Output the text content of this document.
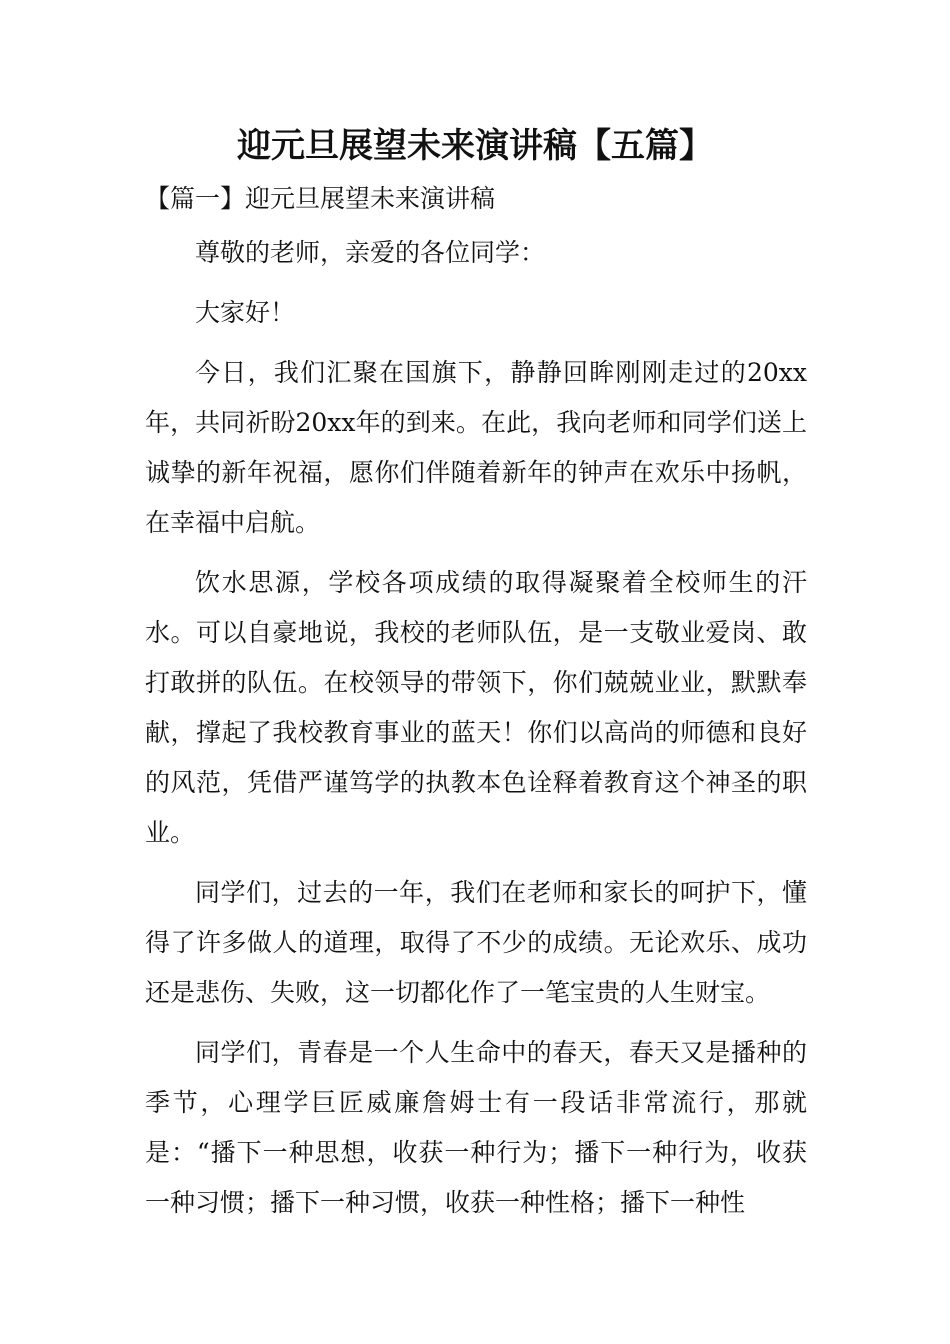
迎元旦展望未来演讲稿【五篇】
【篇一】迎元旦展望未来演讲稿

尊敬的老师，亲爱的各位同学：

大家好！

今日，我们汇聚在国旗下，静静回眸刚刚走过的20xx年，共同祈盼20xx年的到来。在此，我向老师和同学们送上诚挚的新年祝福，愿你们伴随着新年的钟声在欢乐中扬帆，在幸福中启航。

饮水思源，学校各项成绩的取得凝聚着全校师生的汗水。可以自豪地说，我校的老师队伍，是一支敬业爱岗、敢打敢拼的队伍。在校领导的带领下，你们兢兢业业，默默奉献，撑起了我校教育事业的蓝天！你们以高尚的师德和良好的风范，凭借严谨笃学的执教本色诠释着教育这个神圣的职业。

同学们，过去的一年，我们在老师和家长的呵护下，懂得了许多做人的道理，取得了不少的成绩。无论欢乐、成功还是悲伤、失败，这一切都化作了一笔宝贵的人生财宝。

同学们，青春是一个人生命中的春天，春天又是播种的季节，心理学巨匠威廉詹姆士有一段话非常流行，那就是：“播下一种思想，收获一种行为；播下一种行为，收获一种习惯；播下一种习惯，收获一种性格；播下一种性
